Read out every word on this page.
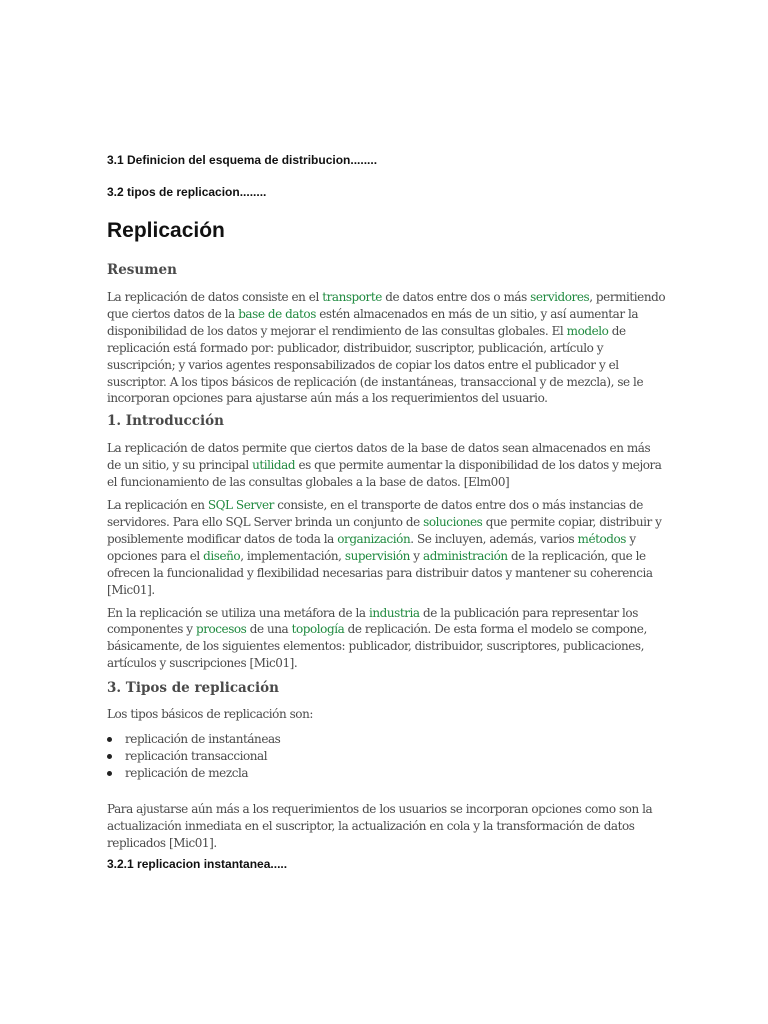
3.1 Definicion del esquema de distribucion........

3.2 tipos de replicacion........

Replicación
Resumen

La replicación de datos consiste en el transporte de datos entre dos o más servidores, permitiendo que ciertos datos de la base de datos estén almacenados en más de un sitio, y así aumentar la disponibilidad de los datos y mejorar el rendimiento de las consultas globales. El modelo de replicación está formado por: publicador, distribuidor, suscriptor, publicación, artículo y suscripción; y varios agentes responsabilizados de copiar los datos entre el publicador y el suscriptor. A los tipos básicos de replicación (de instantáneas, transaccional y de mezcla), se le incorporan opciones para ajustarse aún más a los requerimientos del usuario.

1. Introducción

La replicación de datos permite que ciertos datos de la base de datos sean almacenados en más de un sitio, y su principal utilidad es que permite aumentar la disponibilidad de los datos y mejora el funcionamiento de las consultas globales a la base de datos. [Elm00]

La replicación en SQL Server consiste, en el transporte de datos entre dos o más instancias de servidores. Para ello SQL Server brinda un conjunto de soluciones que permite copiar, distribuir y posiblemente modificar datos de toda la organización. Se incluyen, además, varios métodos y opciones para el diseño, implementación, supervisión y administración de la replicación, que le ofrecen la funcionalidad y flexibilidad necesarias para distribuir datos y mantener su coherencia [Mic01].

En la replicación se utiliza una metáfora de la industria de la publicación para representar los componentes y procesos de una topología de replicación. De esta forma el modelo se compone, básicamente, de los siguientes elementos: publicador, distribuidor, suscriptores, publicaciones, artículos y suscripciones [Mic01].

3. Tipos de replicación

Los tipos básicos de replicación son:

replicación de instantáneas
replicación transaccional
replicación de mezcla

Para ajustarse aún más a los requerimientos de los usuarios se incorporan opciones como son la actualización inmediata en el suscriptor, la actualización en cola y la transformación de datos replicados [Mic01].

3.2.1 replicacion instantanea.....
